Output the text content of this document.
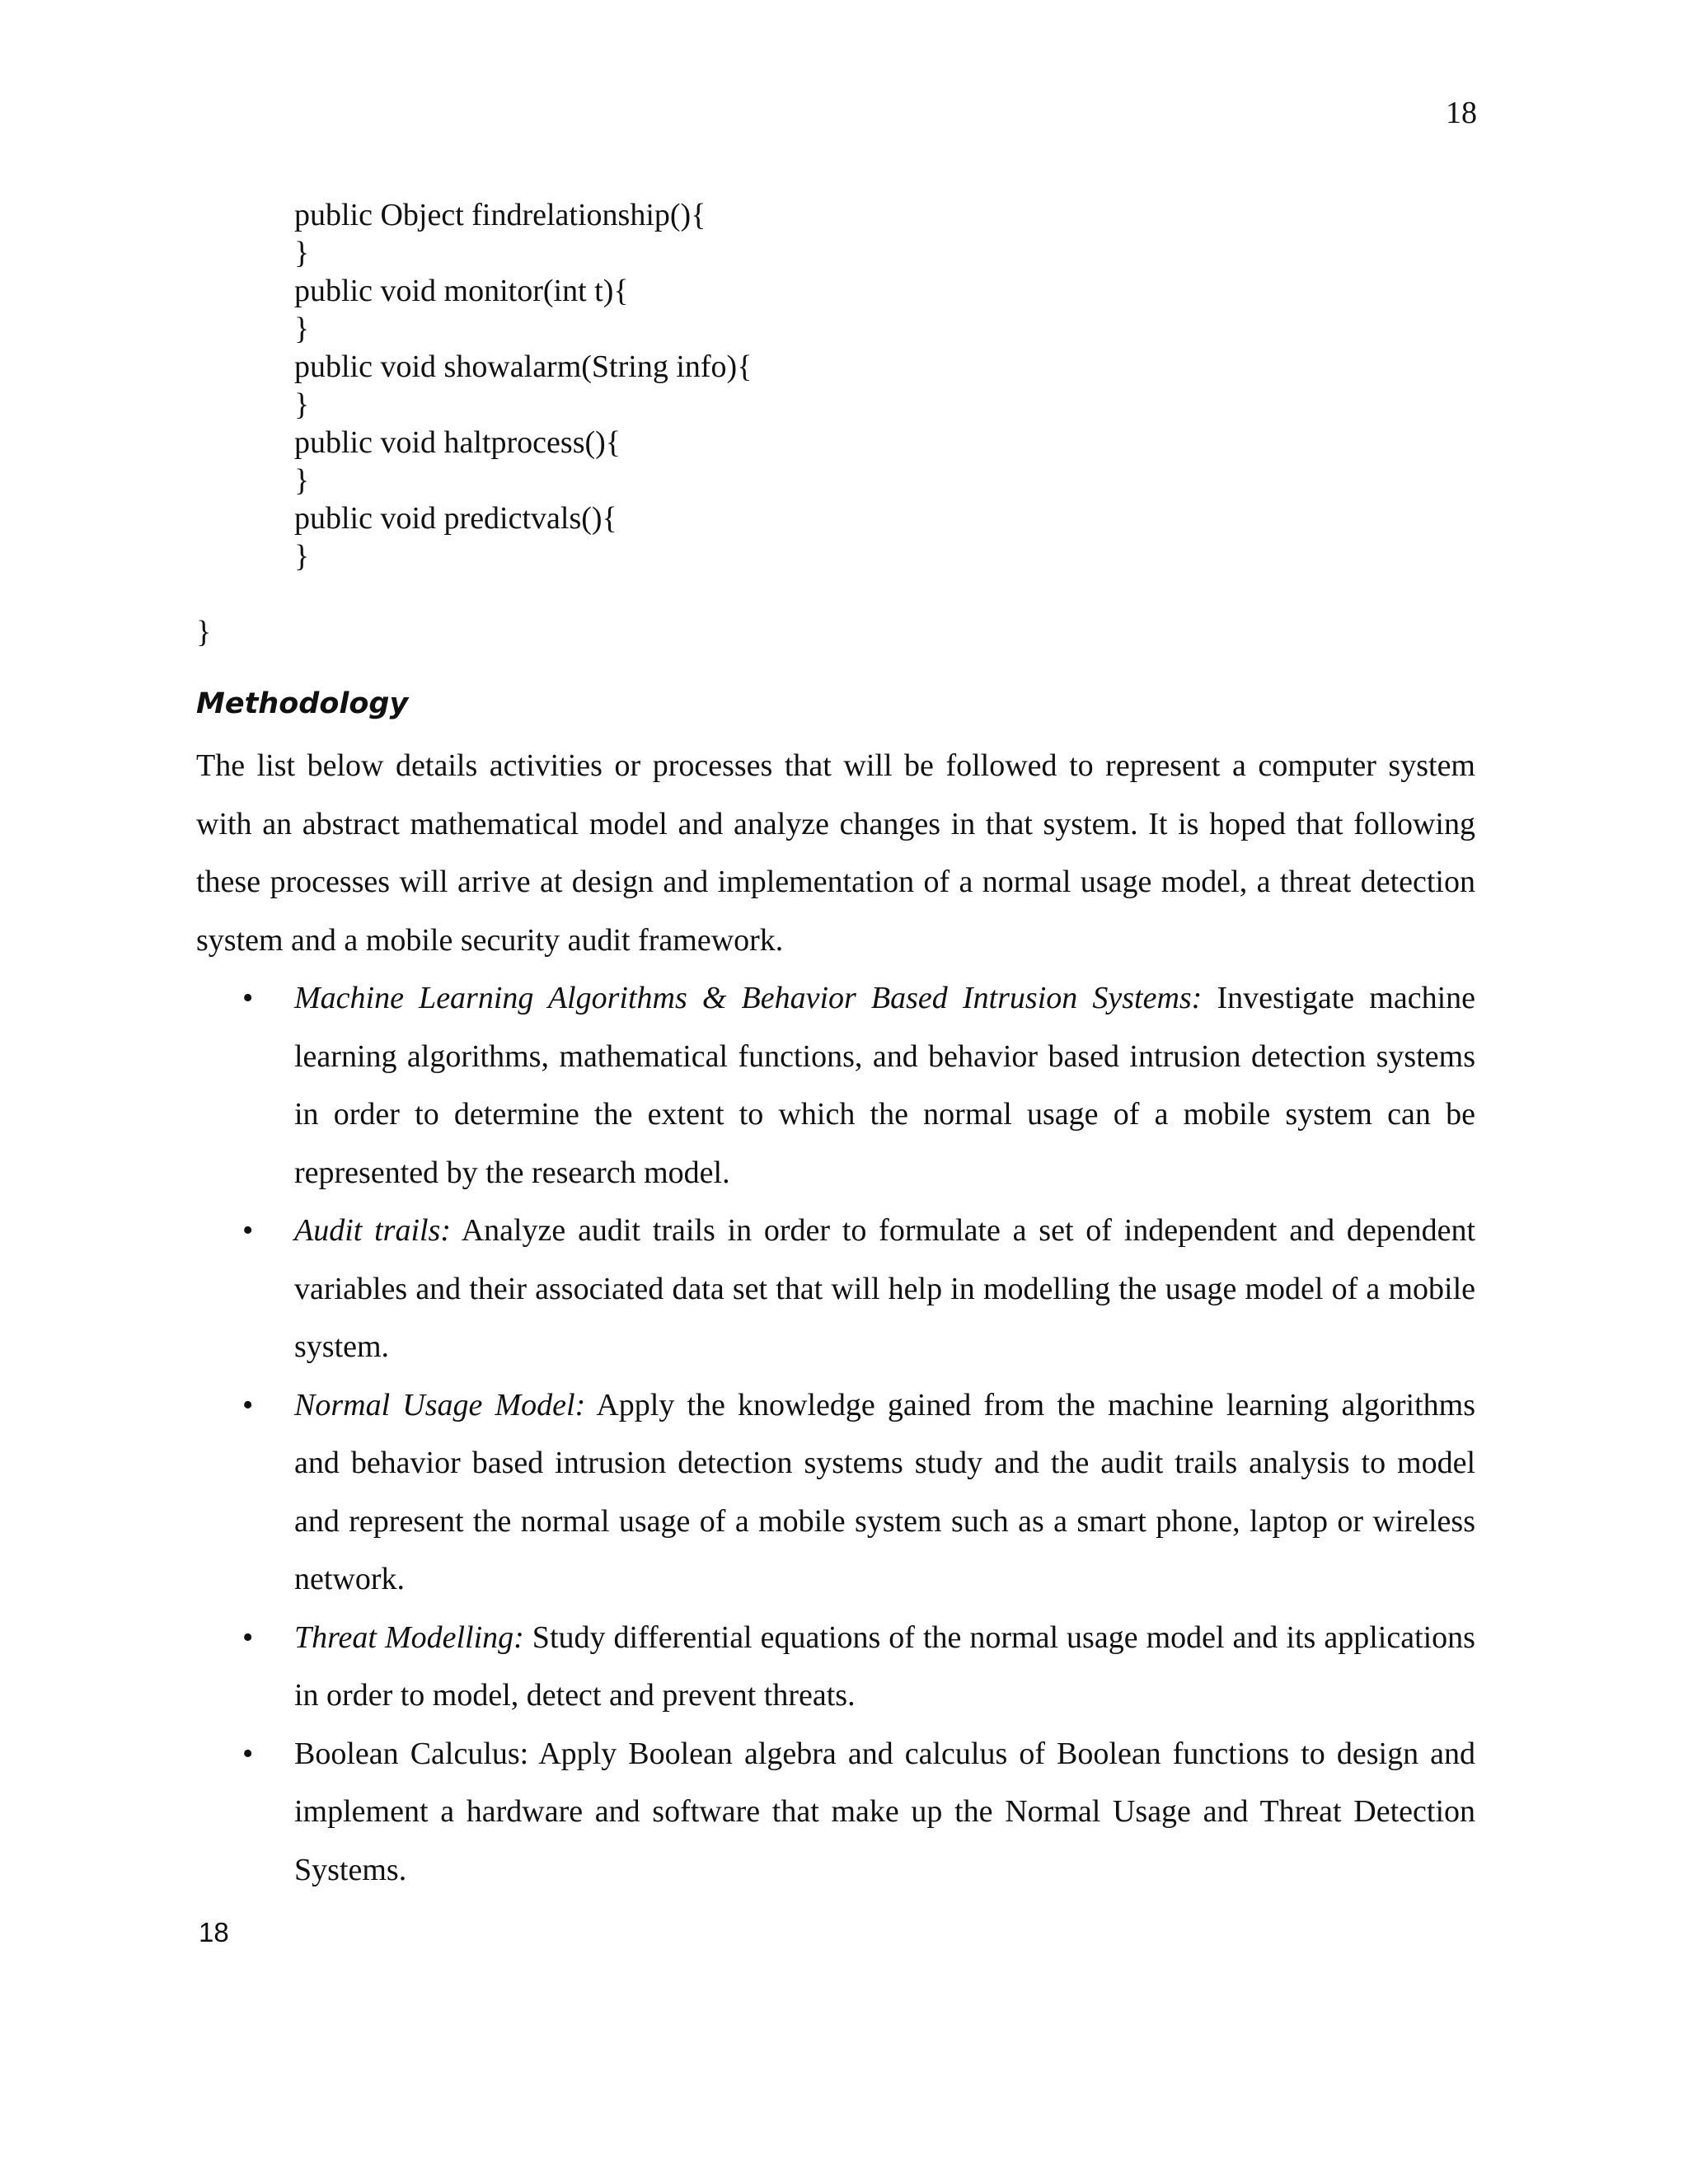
18
public Object findrelationship(){
}
public void monitor(int t){
}
public void showalarm(String info){
}
public void haltprocess(){
}
public void predictvals(){
}
}
Methodology

The list below details activities or processes that will be followed to represent a computer system with an abstract mathematical model and analyze changes in that system. It is hoped that following these processes will arrive at design and implementation of a normal usage model, a threat detection system and a mobile security audit framework.

• Machine Learning Algorithms & Behavior Based Intrusion Systems: Investigate machine learning algorithms, mathematical functions, and behavior based intrusion detection systems in order to determine the extent to which the normal usage of a mobile system can be represented by the research model.
• Audit trails: Analyze audit trails in order to formulate a set of independent and dependent variables and their associated data set that will help in modelling the usage model of a mobile system.
• Normal Usage Model: Apply the knowledge gained from the machine learning algorithms and behavior based intrusion detection systems study and the audit trails analysis to model and represent the normal usage of a mobile system such as a smart phone, laptop or wireless network.
• Threat Modelling: Study differential equations of the normal usage model and its applications in order to model, detect and prevent threats.
• Boolean Calculus: Apply Boolean algebra and calculus of Boolean functions to design and implement a hardware and software that make up the Normal Usage and Threat Detection Systems.
18
